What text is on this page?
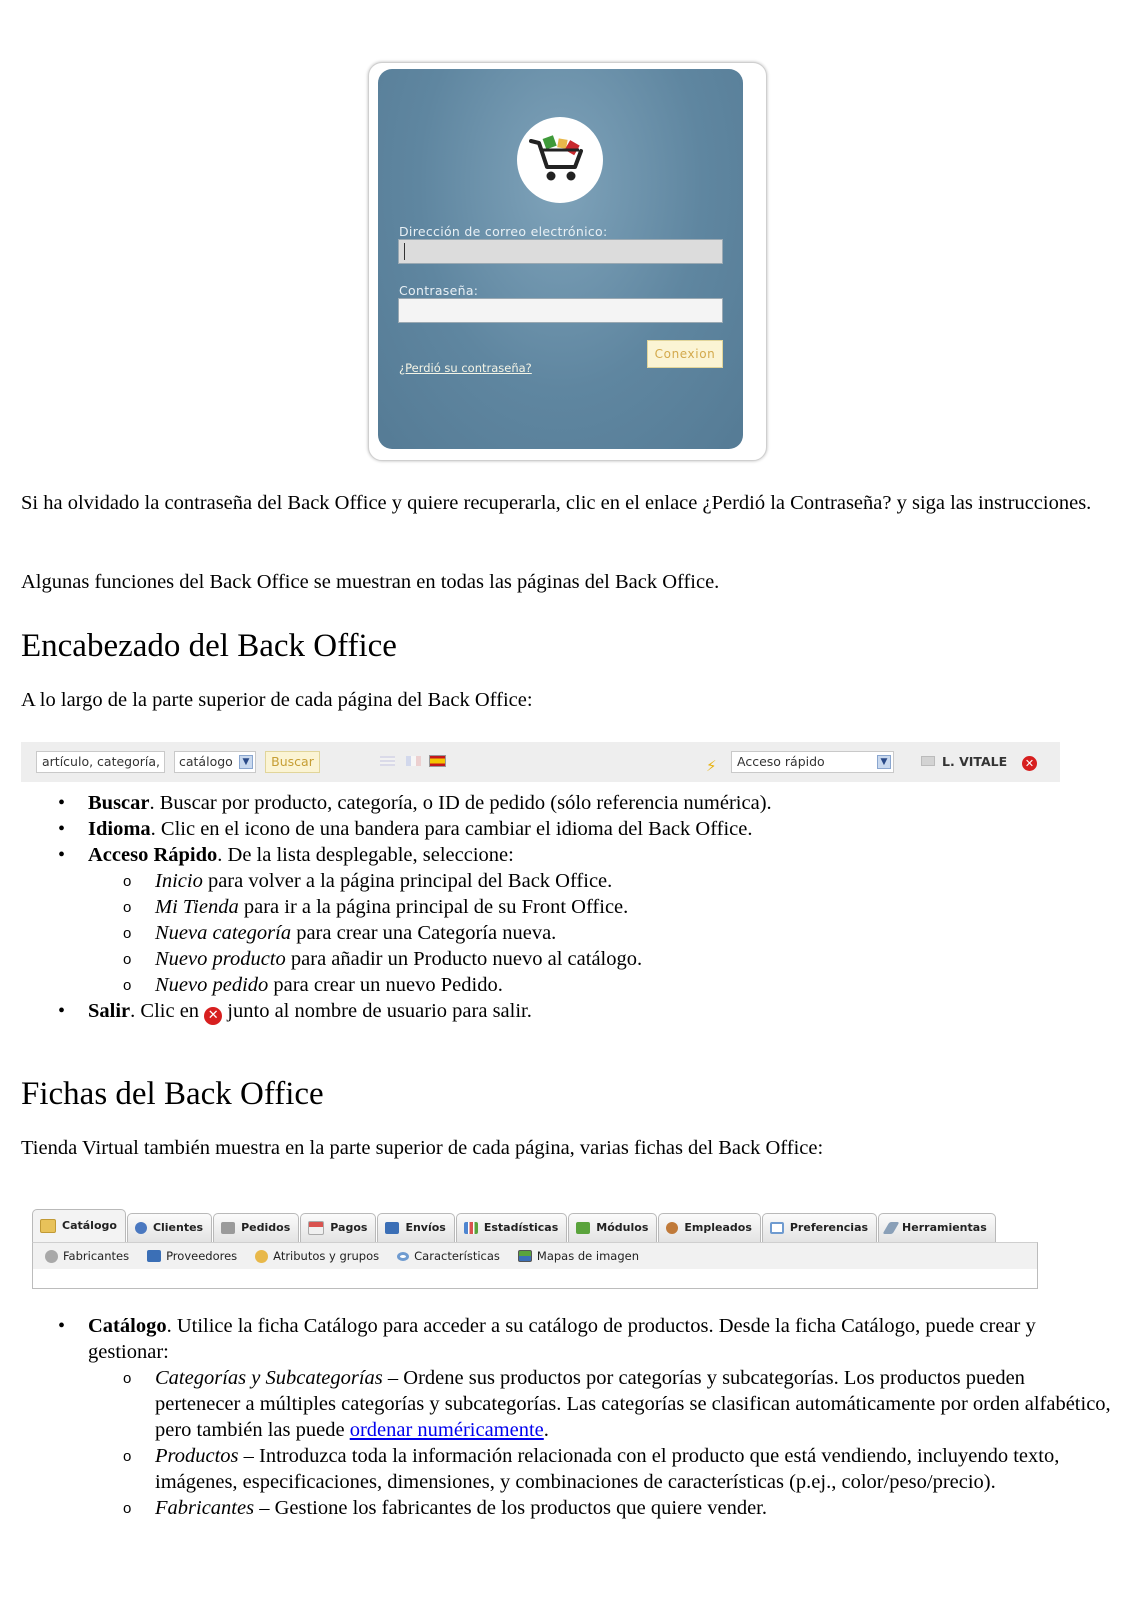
Dirección de correo electrónico:
Contraseña:
¿Perdió su contraseña?
Conexion
Si ha olvidado la contraseña del Back Office y quiere recuperarla, clic en el enlace ¿Perdió la Contraseña? y siga las instrucciones.
Algunas funciones del Back Office se muestran en todas las páginas del Back Office.
Encabezado del Back Office
A lo largo de la parte superior de cada página del Back Office:
artículo, categoría,	catálogo	▼	Buscar	⚡	Acceso rápido	▼	L. VITALE ✕
• Buscar. Buscar por producto, categoría, o ID de pedido (sólo referencia numérica).
• Idioma. Clic en el icono de una bandera para cambiar el idioma del Back Office.
• Acceso Rápido. De la lista desplegable, seleccione:
o Inicio para volver a la página principal del Back Office.
o Mi Tienda para ir a la página principal de su Front Office.
o Nueva categoría para crear una Categoría nueva.
o Nuevo producto para añadir un Producto nuevo al catálogo.
o Nuevo pedido para crear un nuevo Pedido.
• Salir. Clic en ✕ junto al nombre de usuario para salir.
Fichas del Back Office
Tienda Virtual también muestra en la parte superior de cada página, varias fichas del Back Office:
Catálogo	Clientes	Pedidos	Pagos	Envíos	Estadísticas	Módulos	Empleados	Preferencias	Herramientas
Fabricantes	Proveedores	Atributos y grupos	Características	Mapas de imagen
• Catálogo. Utilice la ficha Catálogo para acceder a su catálogo de productos. Desde la ficha Catálogo, puede crear y gestionar:
o Categorías y Subcategorías – Ordene sus productos por categorías y subcategorías. Los productos pueden pertenecer a múltiples categorías y subcategorías. Las categorías se clasifican automáticamente por orden alfabético, pero también las puede ordenar numéricamente.
o Productos – Introduzca toda la información relacionada con el producto que está vendiendo, incluyendo texto, imágenes, especificaciones, dimensiones, y combinaciones de características (p.ej., color/peso/precio).
o Fabricantes – Gestione los fabricantes de los productos que quiere vender.
